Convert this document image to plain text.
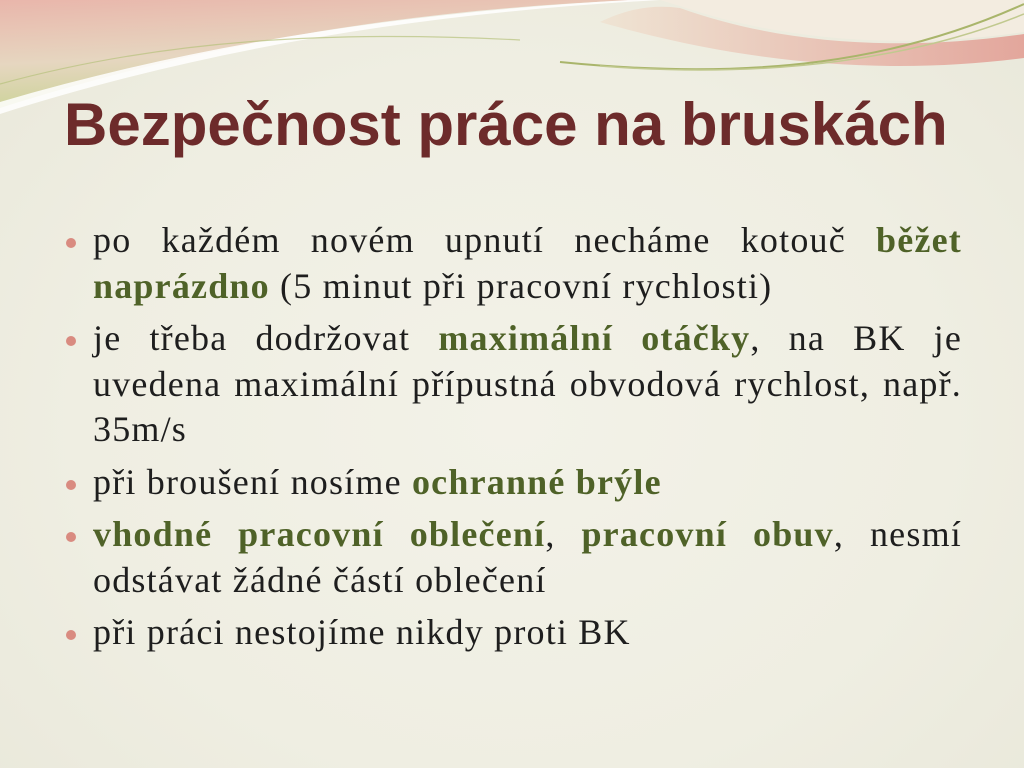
Bezpečnost práce na bruskách

po každém novém upnutí necháme kotouč běžet naprázdno (5 minut při pracovní rychlosti)

je třeba dodržovat maximální otáčky, na BK je uvedena maximální přípustná obvodová rychlost, např. 35m/s

při broušení nosíme ochranné brýle

vhodné pracovní oblečení, pracovní obuv, nesmí odstávat žádné částí oblečení

při práci nestojíme nikdy proti BK
